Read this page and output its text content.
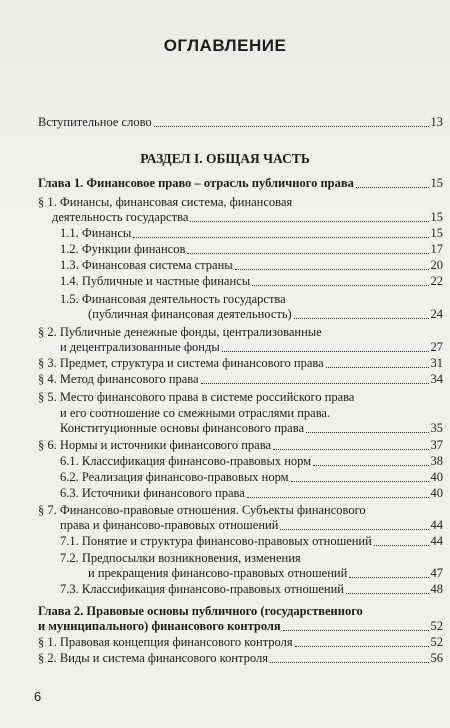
ОГЛАВЛЕНИЕ
Вступительное слово	13
РАЗДЕЛ I. ОБЩАЯ ЧАСТЬ
Глава 1. Финансовое право – отрасль публичного права	15
§ 1. Финансы, финансовая система, финансовая
деятельность государства	15
1.1. Финансы	15
1.2. Функции финансов	17
1.3. Финансовая система страны	20
1.4. Публичные и частные финансы	22
1.5. Финансовая деятельность государства
(публичная финансовая деятельность)	24
§ 2. Публичные денежные фонды, централизованные
и децентрализованные фонды	27
§ 3. Предмет, структура и система финансового права	31
§ 4. Метод финансового права	34
§ 5. Место финансового права в системе российского права
и его соотношение со смежными отраслями права.
Конституционные основы финансового права	35
§ 6. Нормы и источники финансового права	37
6.1. Классификация финансово-правовых норм	38
6.2. Реализация финансово-правовых норм	40
6.3. Источники финансового права	40
§ 7. Финансово-правовые отношения. Субъекты финансового
права и финансово-правовых отношений	44
7.1. Понятие и структура финансово-правовых отношений	44
7.2. Предпосылки возникновения, изменения
и прекращения финансово-правовых отношений	47
7.3. Классификация финансово-правовых отношений	48
Глава 2. Правовые основы публичного (государственного
и муниципального) финансового контроля	52
§ 1. Правовая концепция финансового контроля	52
§ 2. Виды и система финансового контроля	56
6
